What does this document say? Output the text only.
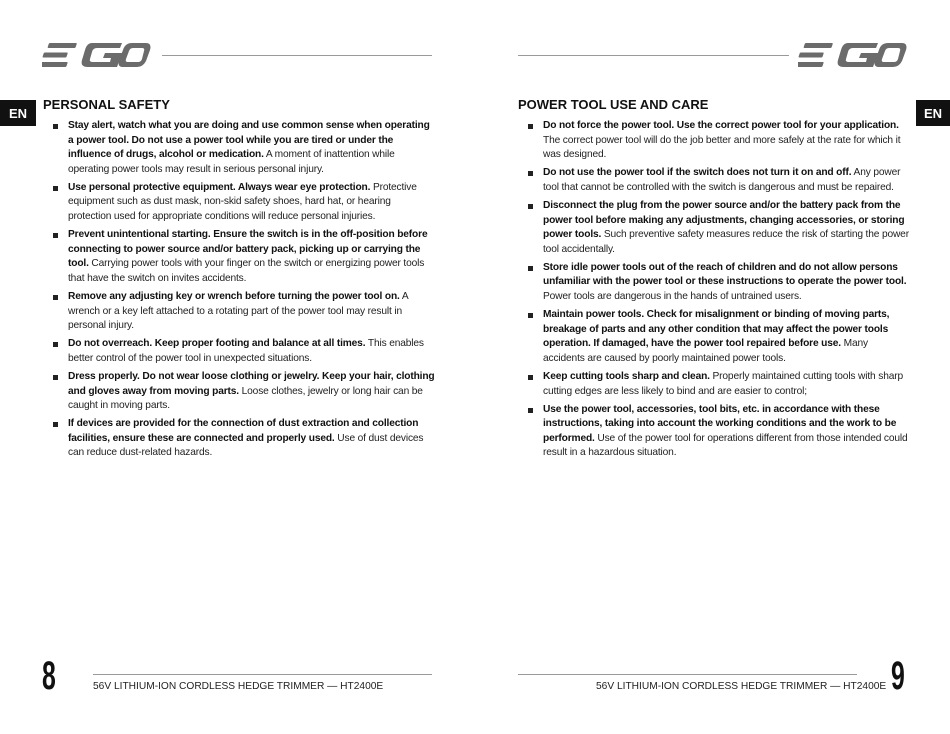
EN
PERSONAL SAFETY
Stay alert, watch what you are doing and use common sense when operating a power tool. Do not use a power tool while you are tired or under the influence of drugs, alcohol or medication. A moment of inattention while operating power tools may result in serious personal injury.
Use personal protective equipment. Always wear eye protection. Protective equipment such as dust mask, non-skid safety shoes, hard hat, or hearing protection used for appropriate conditions will reduce personal injuries.
Prevent unintentional starting. Ensure the switch is in the off-position before connecting to power source and/or battery pack, picking up or carrying the tool. Carrying power tools with your finger on the switch or energizing power tools that have the switch on invites accidents.
Remove any adjusting key or wrench before turning the power tool on. A wrench or a key left attached to a rotating part of the power tool may result in personal injury.
Do not overreach. Keep proper footing and balance at all times. This enables better control of the power tool in unexpected situations.
Dress properly. Do not wear loose clothing or jewelry. Keep your hair, clothing and gloves away from moving parts. Loose clothes, jewelry or long hair can be caught in moving parts.
If devices are provided for the connection of dust extraction and collection facilities, ensure these are connected and properly used. Use of dust devices can reduce dust-related hazards.
8	56V LITHIUM-ION CORDLESS HEDGE TRIMMER — HT2400E
EN
POWER TOOL USE AND CARE
Do not force the power tool. Use the correct power tool for your application. The correct power tool will do the job better and more safely at the rate for which it was designed.
Do not use the power tool if the switch does not turn it on and off. Any power tool that cannot be controlled with the switch is dangerous and must be repaired.
Disconnect the plug from the power source and/or the battery pack from the power tool before making any adjustments, changing accessories, or storing power tools. Such preventive safety measures reduce the risk of starting the power tool accidentally.
Store idle power tools out of the reach of children and do not allow persons unfamiliar with the power tool or these instructions to operate the power tool. Power tools are dangerous in the hands of untrained users.
Maintain power tools. Check for misalignment or binding of moving parts, breakage of parts and any other condition that may affect the power tools operation. If damaged, have the power tool repaired before use. Many accidents are caused by poorly maintained power tools.
Keep cutting tools sharp and clean. Properly maintained cutting tools with sharp cutting edges are less likely to bind and are easier to control;
Use the power tool, accessories, tool bits, etc. in accordance with these instructions, taking into account the working conditions and the work to be performed. Use of the power tool for operations different from those intended could result in a hazardous situation.
56V LITHIUM-ION CORDLESS HEDGE TRIMMER — HT2400E 9
